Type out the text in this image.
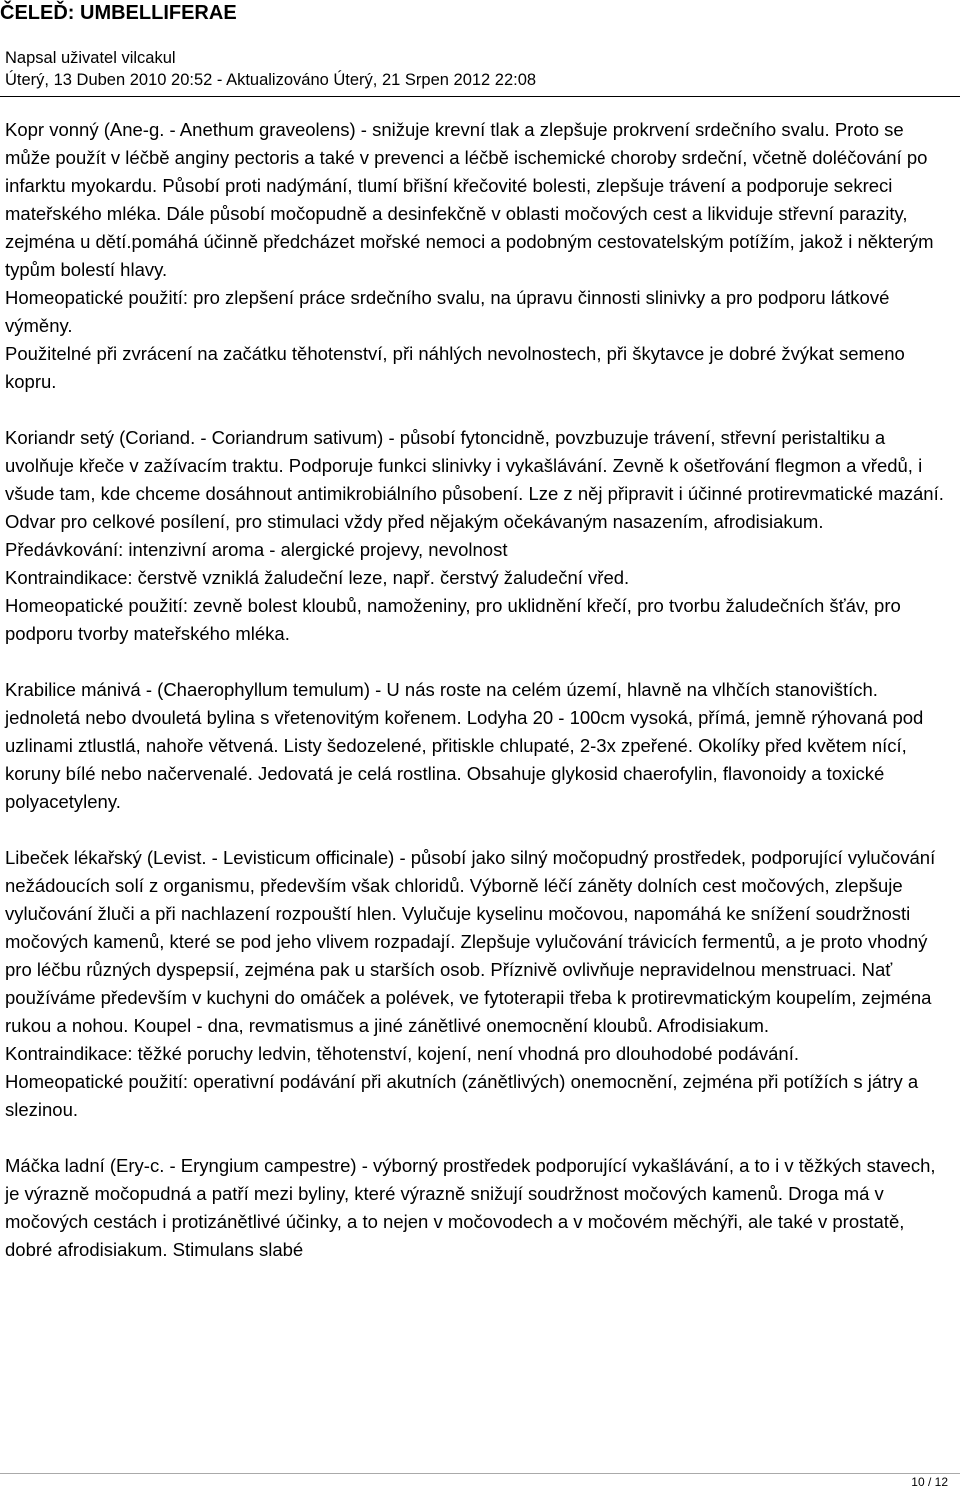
ČELEĎ: UMBELLIFERAE
Napsal uživatel vilcakul
Úterý, 13 Duben 2010 20:52 - Aktualizováno Úterý, 21 Srpen 2012 22:08

Kopr vonný (Ane-g. - Anethum graveolens) - snižuje krevní tlak a zlepšuje prokrvení srdečního svalu. Proto se může použít v léčbě anginy pectoris a také v prevenci a léčbě ischemické choroby srdeční, včetně doléčování po infarktu myokardu. Působí proti nadýmání, tlumí břišní křečovité bolesti, zlepšuje trávení a podporuje sekreci mateřského mléka. Dále působí močopudně a desinfekčně v oblasti močových cest a likviduje střevní parazity, zejména u dětí.pomáhá účinně předcházet mořské nemoci a podobným cestovatelským potížím, jakož i některým typům bolestí hlavy.

Homeopatické použití: pro zlepšení práce srdečního svalu, na úpravu činnosti slinivky a pro podporu látkové výměny.

Použitelné při zvrácení na začátku těhotenství, při náhlých nevolnostech, při škytavce je dobré žvýkat semeno kopru.

Koriandr setý (Coriand. - Coriandrum sativum) - působí fytoncidně, povzbuzuje trávení, střevní peristaltiku a uvolňuje křeče v zažívacím traktu. Podporuje funkci slinivky i vykašlávání. Zevně k ošetřování flegmon a vředů, i všude tam, kde chceme dosáhnout antimikrobiálního působení. Lze z něj připravit i účinné protirevmatické mazání. Odvar pro celkové posílení, pro stimulaci vždy před nějakým očekávaným nasazením, afrodisiakum.

Předávkování: intenzivní aroma - alergické projevy, nevolnost

Kontraindikace: čerstvě vzniklá žaludeční leze, např. čerstvý žaludeční vřed.

Homeopatické použití: zevně bolest kloubů, namoženiny, pro uklidnění křečí, pro tvorbu žaludečních šťáv, pro podporu tvorby mateřského mléka.

Krabilice mánivá - (Chaerophyllum temulum) - U nás roste na celém území, hlavně na vlhčích stanovištích. jednoletá nebo dvouletá bylina s vřetenovitým kořenem. Lodyha 20 - 100cm vysoká, přímá, jemně rýhovaná pod uzlinami ztlustlá, nahoře větvená. Listy šedozelené, přitiskle chlupaté, 2-3x zpeřené. Okolíky před květem nící, koruny bílé nebo načervenalé. Jedovatá je celá rostlina. Obsahuje glykosid chaerofylin, flavonoidy a toxické polyacetyleny.

Libeček lékařský (Levist. - Levisticum officinale) - působí jako silný močopudný prostředek, podporující vylučování nežádoucích solí z organismu, především však chloridů. Výborně léčí záněty dolních cest močových, zlepšuje vylučování žluči a při nachlazení rozpouští hlen. Vylučuje kyselinu močovou, napomáhá ke snížení soudržnosti močových kamenů, které se pod jeho vlivem rozpadají. Zlepšuje vylučování trávicích fermentů, a je proto vhodný pro léčbu různých dyspepsií, zejména pak u starších osob. Příznivě ovlivňuje nepravidelnou menstruaci. Nať používáme především v kuchyni do omáček a polévek, ve fytoterapii třeba k protirevmatickým koupelím, zejména rukou a nohou. Koupel - dna, revmatismus a jiné zánětlivé onemocnění kloubů. Afrodisiakum.

Kontraindikace: těžké poruchy ledvin, těhotenství, kojení, není vhodná pro dlouhodobé podávání.

Homeopatické použití: operativní podávání při akutních (zánětlivých) onemocnění, zejména při potížích s játry a slezinou.

Máčka ladní (Ery-c. - Eryngium campestre) - výborný prostředek podporující vykašlávání, a to i v těžkých stavech, je výrazně močopudná a patří mezi byliny, které výrazně snižují soudržnost močových kamenů. Droga má v močových cestách i protizánětlivé účinky, a to nejen v močovodech a v močovém měchýři, ale také v prostatě, dobré afrodisiakum. Stimulans slabé

10 / 12
